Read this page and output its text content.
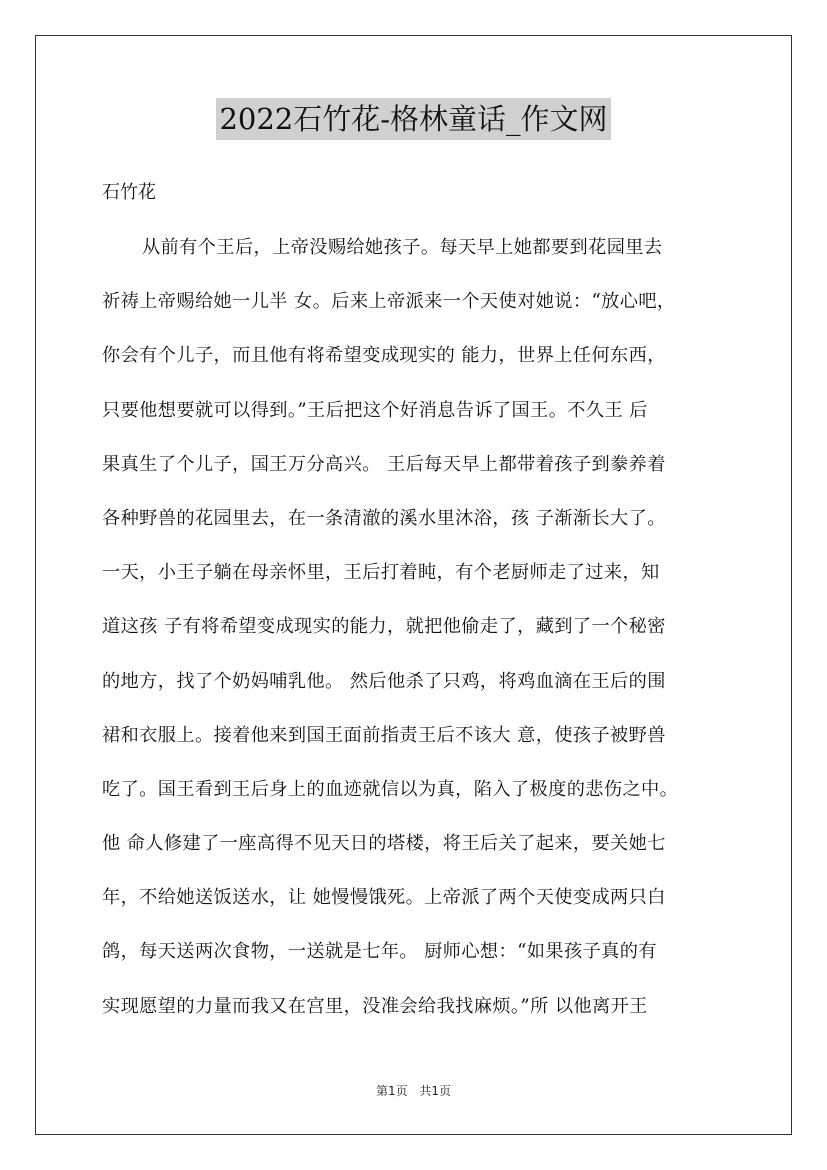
2022石竹花-格林童话_作文网
石竹花
从前有个王后，上帝没赐给她孩子。每天早上她都要到花园里去
祈祷上帝赐给她一儿半 女。后来上帝派来一个天使对她说：“放心吧，
你会有个儿子，而且他有将希望变成现实的 能力，世界上任何东西，
只要他想要就可以得到。”王后把这个好消息告诉了国王。不久王 后
果真生了个儿子，国王万分高兴。 王后每天早上都带着孩子到豢养着
各种野兽的花园里去，在一条清澈的溪水里沐浴，孩 子渐渐长大了。
一天，小王子躺在母亲怀里，王后打着盹，有个老厨师走了过来，知
道这孩 子有将希望变成现实的能力，就把他偷走了，藏到了一个秘密
的地方，找了个奶妈哺乳他。 然后他杀了只鸡，将鸡血滴在王后的围
裙和衣服上。接着他来到国王面前指责王后不该大 意，使孩子被野兽
吃了。国王看到王后身上的血迹就信以为真，陷入了极度的悲伤之中。
他 命人修建了一座高得不见天日的塔楼，将王后关了起来，要关她七
年，不给她送饭送水，让 她慢慢饿死。上帝派了两个天使变成两只白
鸽，每天送两次食物，一送就是七年。 厨师心想：“如果孩子真的有
实现愿望的力量而我又在宫里，没准会给我找麻烦。”所 以他离开王
第1页 共1页
